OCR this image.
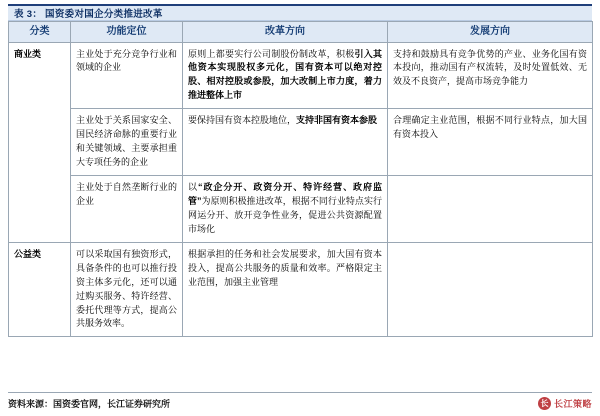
表 3： 国资委对国企分类推进改革
分类	功能定位	改革方向	发展方向
商业类	主业处于充分竞争行业和领域的企业	原则上都要实行公司制股份制改革，积极引入其他资本实现股权多元化，国有资本可以绝对控股、相对控股或参股，加大改制上市力度，着力推进整体上市	支持和鼓励具有竞争优势的产业、业务化国有资本投向，推动国有产权流转，及时处置低效、无效及不良资产，提高市场竞争能力
	主业处于关系国家安全、国民经济命脉的重要行业和关键领域、主要承担重大专项任务的企业	要保持国有资本控股地位，支持非国有资本参股	合理确定主业范围，根据不同行业特点，加大国有资本投入
	主业处于自然垄断行业的企业	以“政企分开、政资分开、特许经营、政府监管”为原则积极推进改革，根据不同行业特点实行网运分开、放开竞争性业务，促进公共资源配置市场化	
公益类	可以采取国有独资形式，具备条件的也可以推行投资主体多元化，还可以通过购买服务、特许经营、委托代理等方式，提高公共服务效率。	根据承担的任务和社会发展要求，加大国有资本投入，提高公共服务的质量和效率。严格限定主业范围，加强主业管理	
资料来源：国资委官网，长江证券研究所	长 长江策略
